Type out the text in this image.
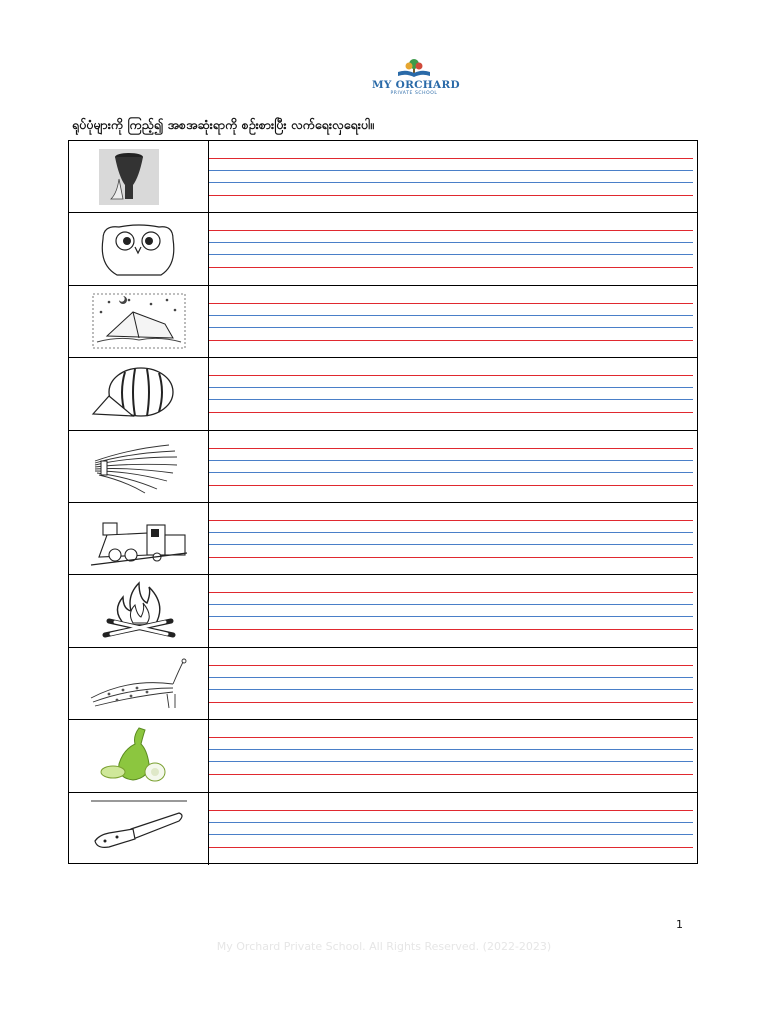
MY ORCHARD
PRIVATE SCHOOL
ရုပ်ပုံများကို ကြည့်၍ အစအဆုံးရာကို စဉ်းစားပြီး လက်ရေးလှရေးပါ။
1
My Orchard Private School. All Rights Reserved. (2022-2023)
